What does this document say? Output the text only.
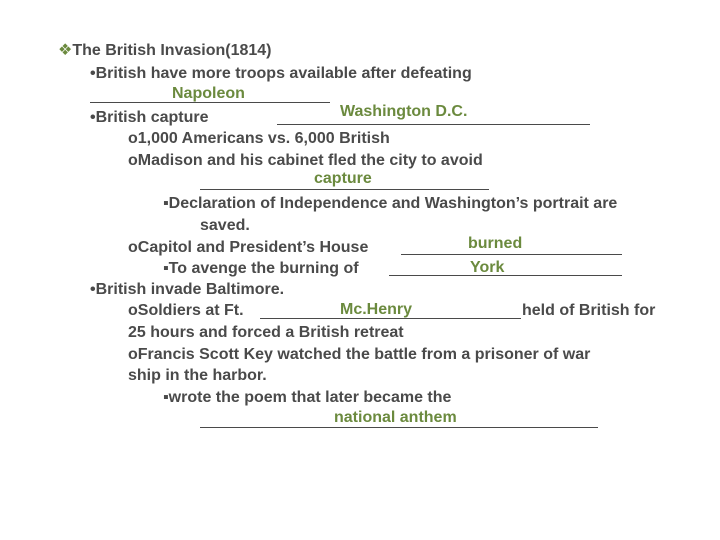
❖The British Invasion(1814)
•British have more troops available after defeating
Napoleon
•British capture	Washington D.C.
o1,000 Americans vs. 6,000 British
oMadison and his cabinet fled the city to avoid
capture
▪Declaration of Independence and Washington’s portrait are
saved.
oCapitol and President’s House	burned
▪To avenge the burning of	York
•British invade Baltimore.
oSoldiers at Ft.	Mc.Henry	held of British for
25 hours and forced a British retreat
oFrancis Scott Key watched the battle from a prisoner of war
ship in the harbor.
▪wrote the poem that later became the
national anthem
